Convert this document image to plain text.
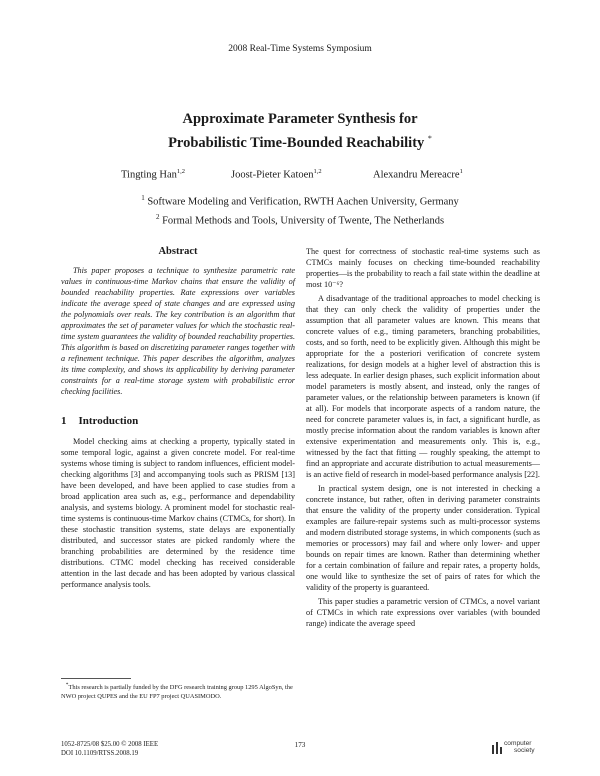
2008 Real-Time Systems Symposium
Approximate Parameter Synthesis for
Probabilistic Time-Bounded Reachability *
Tingting Han$^{1,2}$	Joost-Pieter Katoen$^{1,2}$	Alexandru Mereacre$^1$
$^1$ Software Modeling and Verification, RWTH Aachen University, Germany
$^2$ Formal Methods and Tools, University of Twente, The Netherlands
Abstract

This paper proposes a technique to synthesize parametric rate values in continuous-time Markov chains that ensure the validity of bounded reachability properties. Rate expressions over variables indicate the average speed of state changes and are expressed using the polynomials over reals. The key contribution is an algorithm that approximates the set of parameter values for which the stochastic real-time system guarantees the validity of bounded reachability properties. This algorithm is based on discretizing parameter ranges together with a refinement technique. This paper describes the algorithm, analyzes its time complexity, and shows its applicability by deriving parameter constraints for a real-time storage system with probabilistic error checking facilities.

1 Introduction

Model checking aims at checking a property, typically stated in some temporal logic, against a given concrete model. For real-time systems whose timing is subject to random influences, efficient model-checking algorithms [3] and accompanying tools such as PRISM [13] have been developed, and have been applied to case studies from a broad application area such as, e.g., performance and dependability analysis, and systems biology. A prominent model for stochastic real-time systems is continuous-time Markov chains (CTMCs, for short). In these stochastic transition systems, state delays are exponentially distributed, and successor states are picked randomly where the branching probabilities are determined by the residence time distributions. CTMC model checking has received considerable attention in the last decade and has been adopted by various classical performance analysis tools.

The quest for correctness of stochastic real-time systems such as CTMCs mainly focuses on checking time-bounded reachability properties—is the probability to reach a fail state within the deadline at most 10⁻⁶?

A disadvantage of the traditional approaches to model checking is that they can only check the validity of properties under the assumption that all parameter values are known. This means that concrete values of e.g., timing parameters, branching probabilities, costs, and so forth, need to be explicitly given. Although this might be appropriate for the a posteriori verification of concrete system realizations, for design models at a higher level of abstraction this is less adequate. In earlier design phases, such explicit information about model parameters is mostly absent, and instead, only the ranges of parameter values, or the relationship between parameters is known (if at all). For models that incorporate aspects of a random nature, the need for concrete parameter values is, in fact, a significant hurdle, as mostly precise information about the random variables is known after extensive experimentation and measurements only. This is, e.g., witnessed by the fact that fitting — roughly speaking, the attempt to find an appropriate and accurate distribution to actual measurements— is an active field of research in model-based performance analysis [22].

In practical system design, one is not interested in checking a concrete instance, but rather, often in deriving parameter constraints that ensure the validity of the property under consideration. Typical examples are failure-repair systems such as multi-processor systems and modern distributed storage systems, in which components (such as memories or processors) may fail and where only lower- and upper bounds on repair times are known. Rather than determining whether for a certain combination of failure and repair rates, a property holds, one would like to synthesize the set of pairs of rates for which the validity of the property is guaranteed.

This paper studies a parametric version of CTMCs, a novel variant of CTMCs in which rate expressions over variables (with bounded range) indicate the average speed

*This research is partially funded by the DFG research training group 1295 AlgoSyn, the NWO project QUPES and the EU FP7 project QUASIMODO.
1052-8725/08 $25.00 © 2008 IEEE
DOI 10.1109/RTSS.2008.19
173	computer
society
